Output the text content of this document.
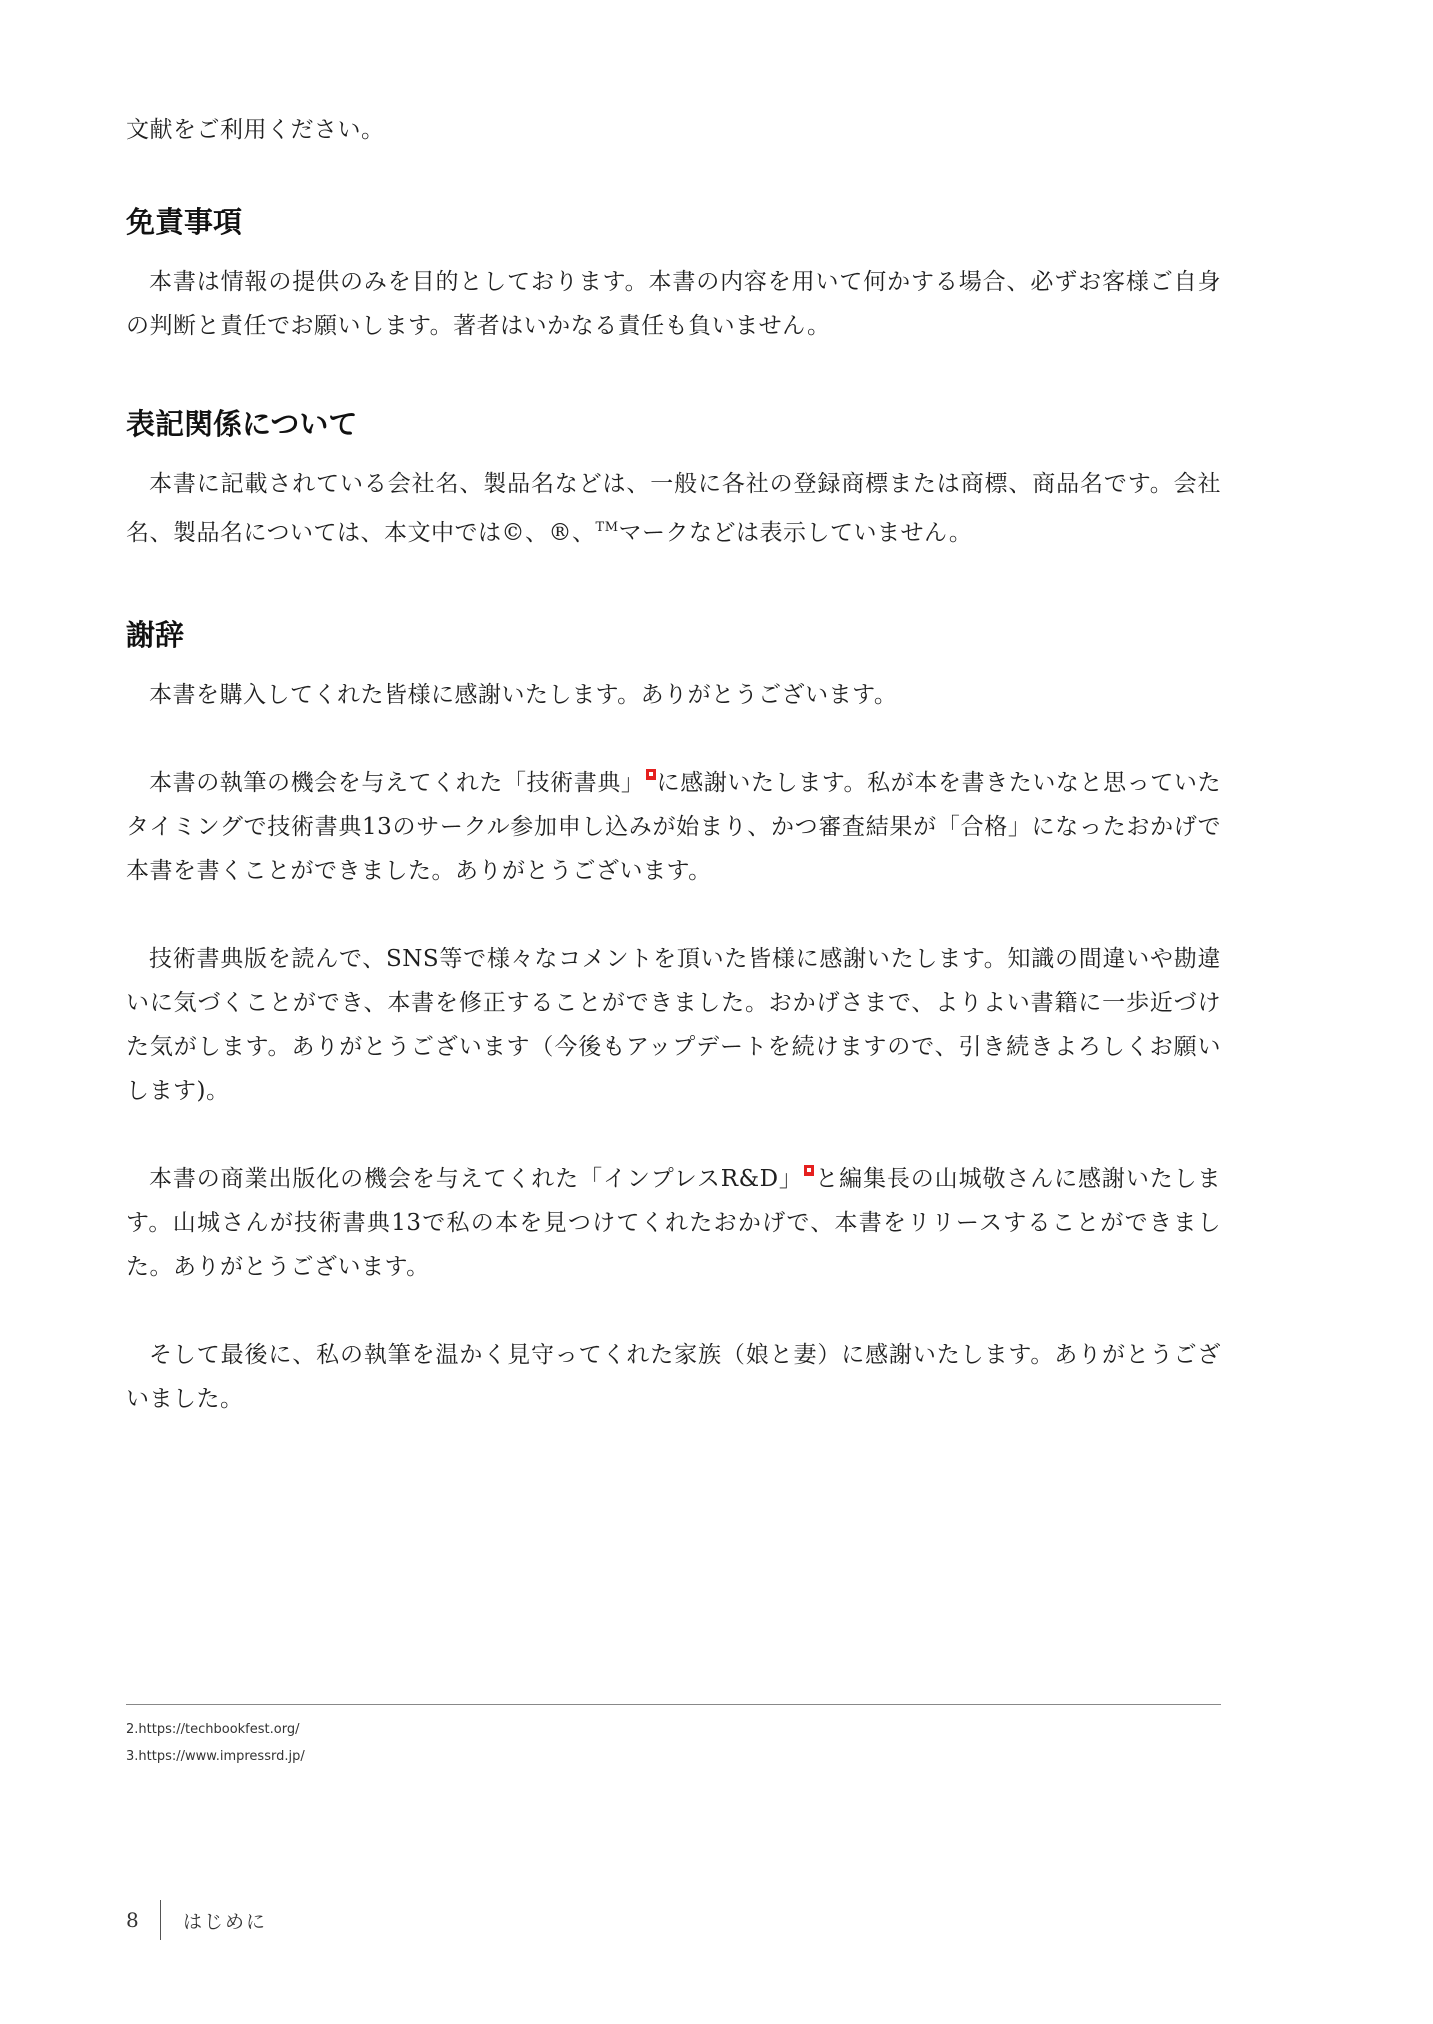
文献をご利用ください。

免責事項

本書は情報の提供のみを目的としております。本書の内容を用いて何かする場合、必ずお客様ご自身の判断と責任でお願いします。著者はいかなる責任も負いません。

表記関係について

本書に記載されている会社名、製品名などは、一般に各社の登録商標または商標、商品名です。会社名、製品名については、本文中では©、®、™マークなどは表示していません。

謝辞

本書を購入してくれた皆様に感謝いたします。ありがとうございます。

本書の執筆の機会を与えてくれた「技術書典」 に感謝いたします。私が本を書きたいなと思っていたタイミングで技術書典13のサークル参加申し込みが始まり、かつ審査結果が「合格」になったおかげで本書を書くことができました。ありがとうございます。

技術書典版を読んで、SNS等で様々なコメントを頂いた皆様に感謝いたします。知識の間違いや勘違いに気づくことができ、本書を修正することができました。おかげさまで、よりよい書籍に一歩近づけた気がします。ありがとうございます（今後もアップデートを続けますので、引き続きよろしくお願いします)。

本書の商業出版化の機会を与えてくれた「インプレスR&D」 と編集長の山城敬さんに感謝いたします。山城さんが技術書典13で私の本を見つけてくれたおかげで、本書をリリースすることができました。ありがとうございます。

そして最後に、私の執筆を温かく見守ってくれた家族（娘と妻）に感謝いたします。ありがとうございました。

2.https://techbookfest.org/
3.https://www.impressrd.jp/
8	はじめに
